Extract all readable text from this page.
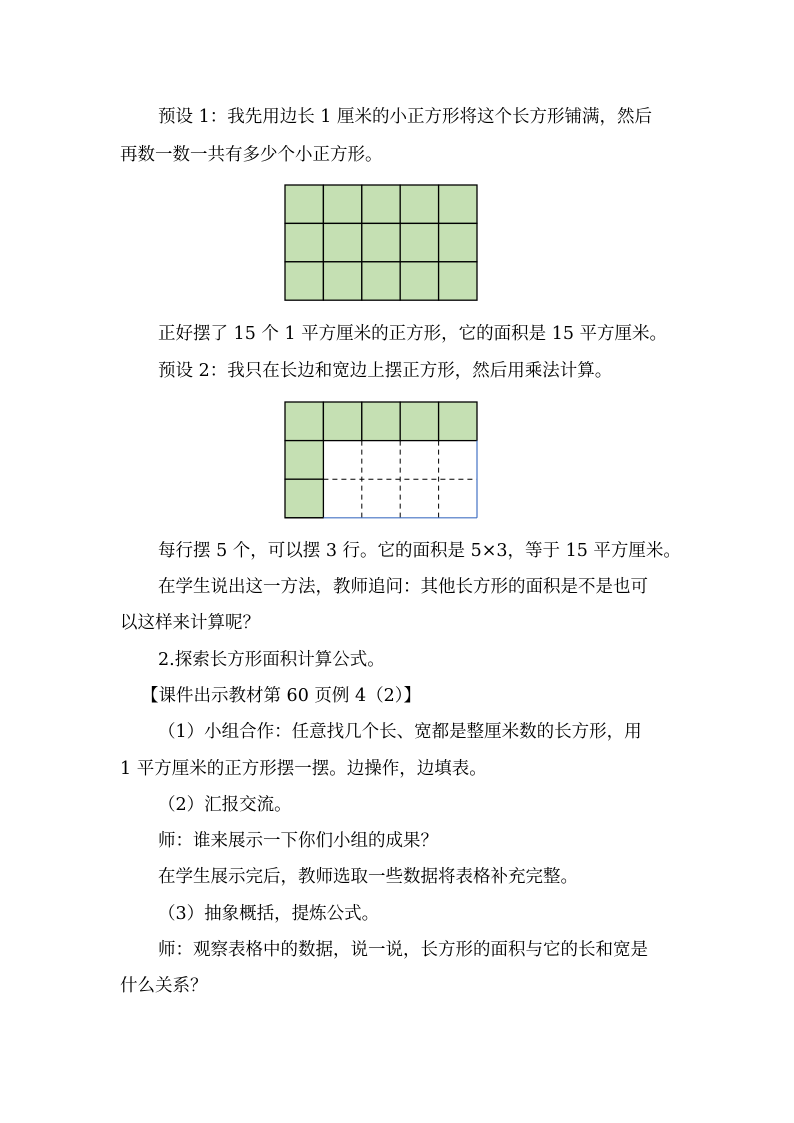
预设 1：我先用边长 1 厘米的小正方形将这个长方形铺满，然后

再数一数一共有多少个小正方形。

正好摆了 15 个 1 平方厘米的正方形，它的面积是 15 平方厘米。

预设 2：我只在长边和宽边上摆正方形，然后用乘法计算。

每行摆 5 个，可以摆 3 行。它的面积是 5×3，等于 15 平方厘米。

在学生说出这一方法，教师追问：其他长方形的面积是不是也可

以这样来计算呢？

2.探索长方形面积计算公式。

【课件出示教材第 60 页例 4（2）】

（1）小组合作：任意找几个长、宽都是整厘米数的长方形，用

1 平方厘米的正方形摆一摆。边操作，边填表。

（2）汇报交流。

师：谁来展示一下你们小组的成果？

在学生展示完后，教师选取一些数据将表格补充完整。

（3）抽象概括，提炼公式。

师：观察表格中的数据，说一说，长方形的面积与它的长和宽是

什么关系？
